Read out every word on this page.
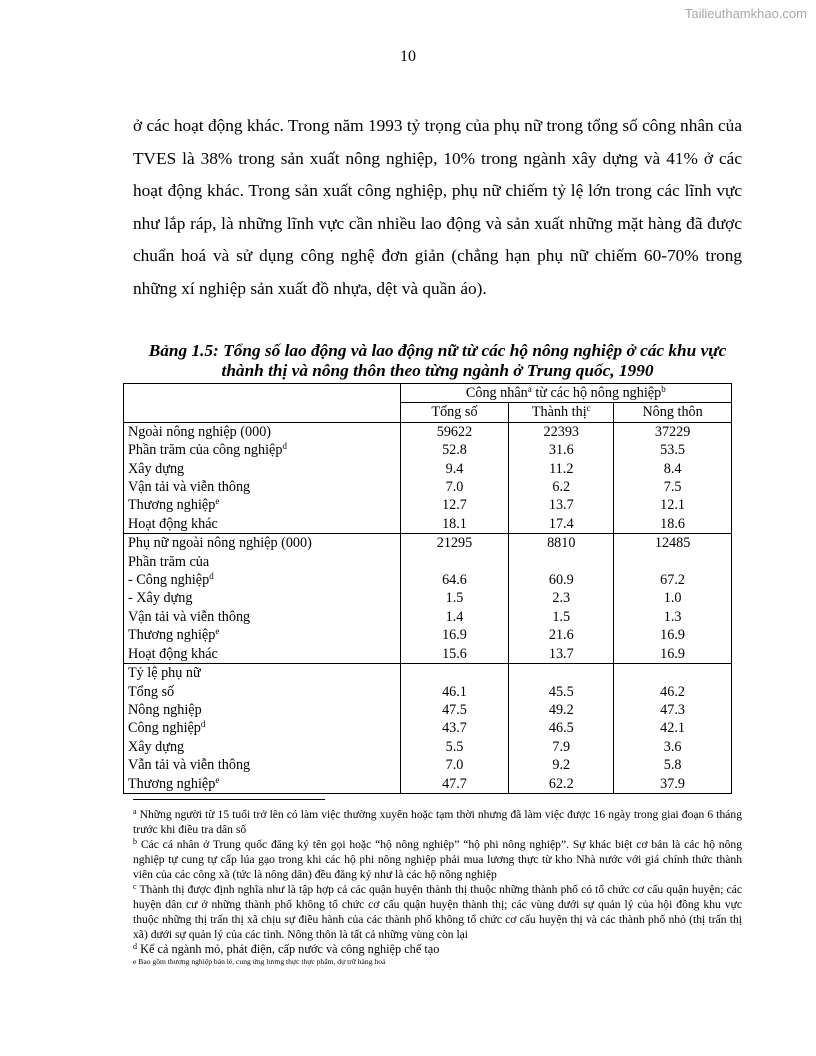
Tailieuthamkhao.com
10

ở các hoạt động khác. Trong năm 1993 tỷ trọng của phụ nữ trong tổng số công nhân của TVES là 38% trong sản xuất nông nghiệp, 10% trong ngành xây dựng và 41% ở các hoạt động khác. Trong sản xuất công nghiệp, phụ nữ chiếm tỷ lệ lớn trong các lĩnh vực như lắp ráp, là những lĩnh vực cần nhiều lao động và sản xuất những mặt hàng đã được chuẩn hoá và sử dụng công nghệ đơn giản (chẳng hạn phụ nữ chiếm 60-70% trong những xí nghiệp sản xuất đồ nhựa, dệt và quần áo).

Bảng 1.5: Tổng số lao động và lao động nữ từ các hộ nông nghiệp ở các khu vực thành thị và nông thôn theo từng ngành ở Trung quốc, 1990
	Công nhân$^a$ từ các hộ nông nghiệp$^b$
	Tổng số	Thành thị$^c$	Nông thôn
Ngoài nông nghiệp (000)	59622	22393	37229
Phần trăm của công nghiệp$^d$	52.8	31.6	53.5
Xây dựng	9.4	11.2	8.4
Vận tải và viễn thông	7.0	6.2	7.5
Thương nghiệp$^e$	12.7	13.7	12.1
Hoạt động khác	18.1	17.4	18.6
Phụ nữ ngoài nông nghiệp (000)	21295	8810	12485
Phần trăm của			
- Công nghiệp$^d$	64.6	60.9	67.2
- Xây dựng	1.5	2.3	1.0
Vận tải và viễn thông	1.4	1.5	1.3
Thương nghiệp$^e$	16.9	21.6	16.9
Hoạt động khác	15.6	13.7	16.9
Tỷ lệ phụ nữ			
Tổng số	46.1	45.5	46.2
Nông nghiệp	47.5	49.2	47.3
Công nghiệp$^d$	43.7	46.5	42.1
Xây dựng	5.5	7.9	3.6
Vẫn tải và viễn thông	7.0	9.2	5.8
Thương nghiệp$^e$	47.7	62.2	37.9

$^a$ Những người từ 15 tuổi trở lên có làm việc thường xuyên hoặc tạm thời nhưng đã làm việc được 16 ngày trong giai đoạn 6 tháng trước khi điều tra dân số

$^b$ Các cá nhân ở Trung quốc đăng ký tên gọi hoặc “hộ nông nghiệp” “hộ phi nông nghiệp”. Sự khác biệt cơ bản là các hộ nông nghiệp tự cung tự cấp lúa gạo trong khi các hộ phi nông nghiệp phải mua lương thực từ kho Nhà nước với giá chính thức thành viên của các công xã (tức là nông dân) đều đăng ký như là các hộ nông nghiệp

$^c$ Thành thị được định nghĩa như là tập hợp cả các quận huyện thành thị thuộc những thành phố có tổ chức cơ cấu quận huyện; các huyện dân cư ở những thành phố không tổ chức cơ cấu quận huyện thành thị; các vùng dưới sự quản lý của hội đồng khu vực thuộc những thị trấn thị xã chịu sự điều hành của các thành phố không tổ chức cơ cấu huyện thị và các thành phố nhỏ (thị trấn thị xã) dưới sự quản lý của các tỉnh. Nông thôn là tất cả những vùng còn lại

$^d$ Kể cả ngành mỏ, phát điện, cấp nước và công nghiệp chế tạo

e Bao gồm thương nghiệp bán lẻ, cung ứng lương thực thực phẩm, dự trữ hàng hoá
